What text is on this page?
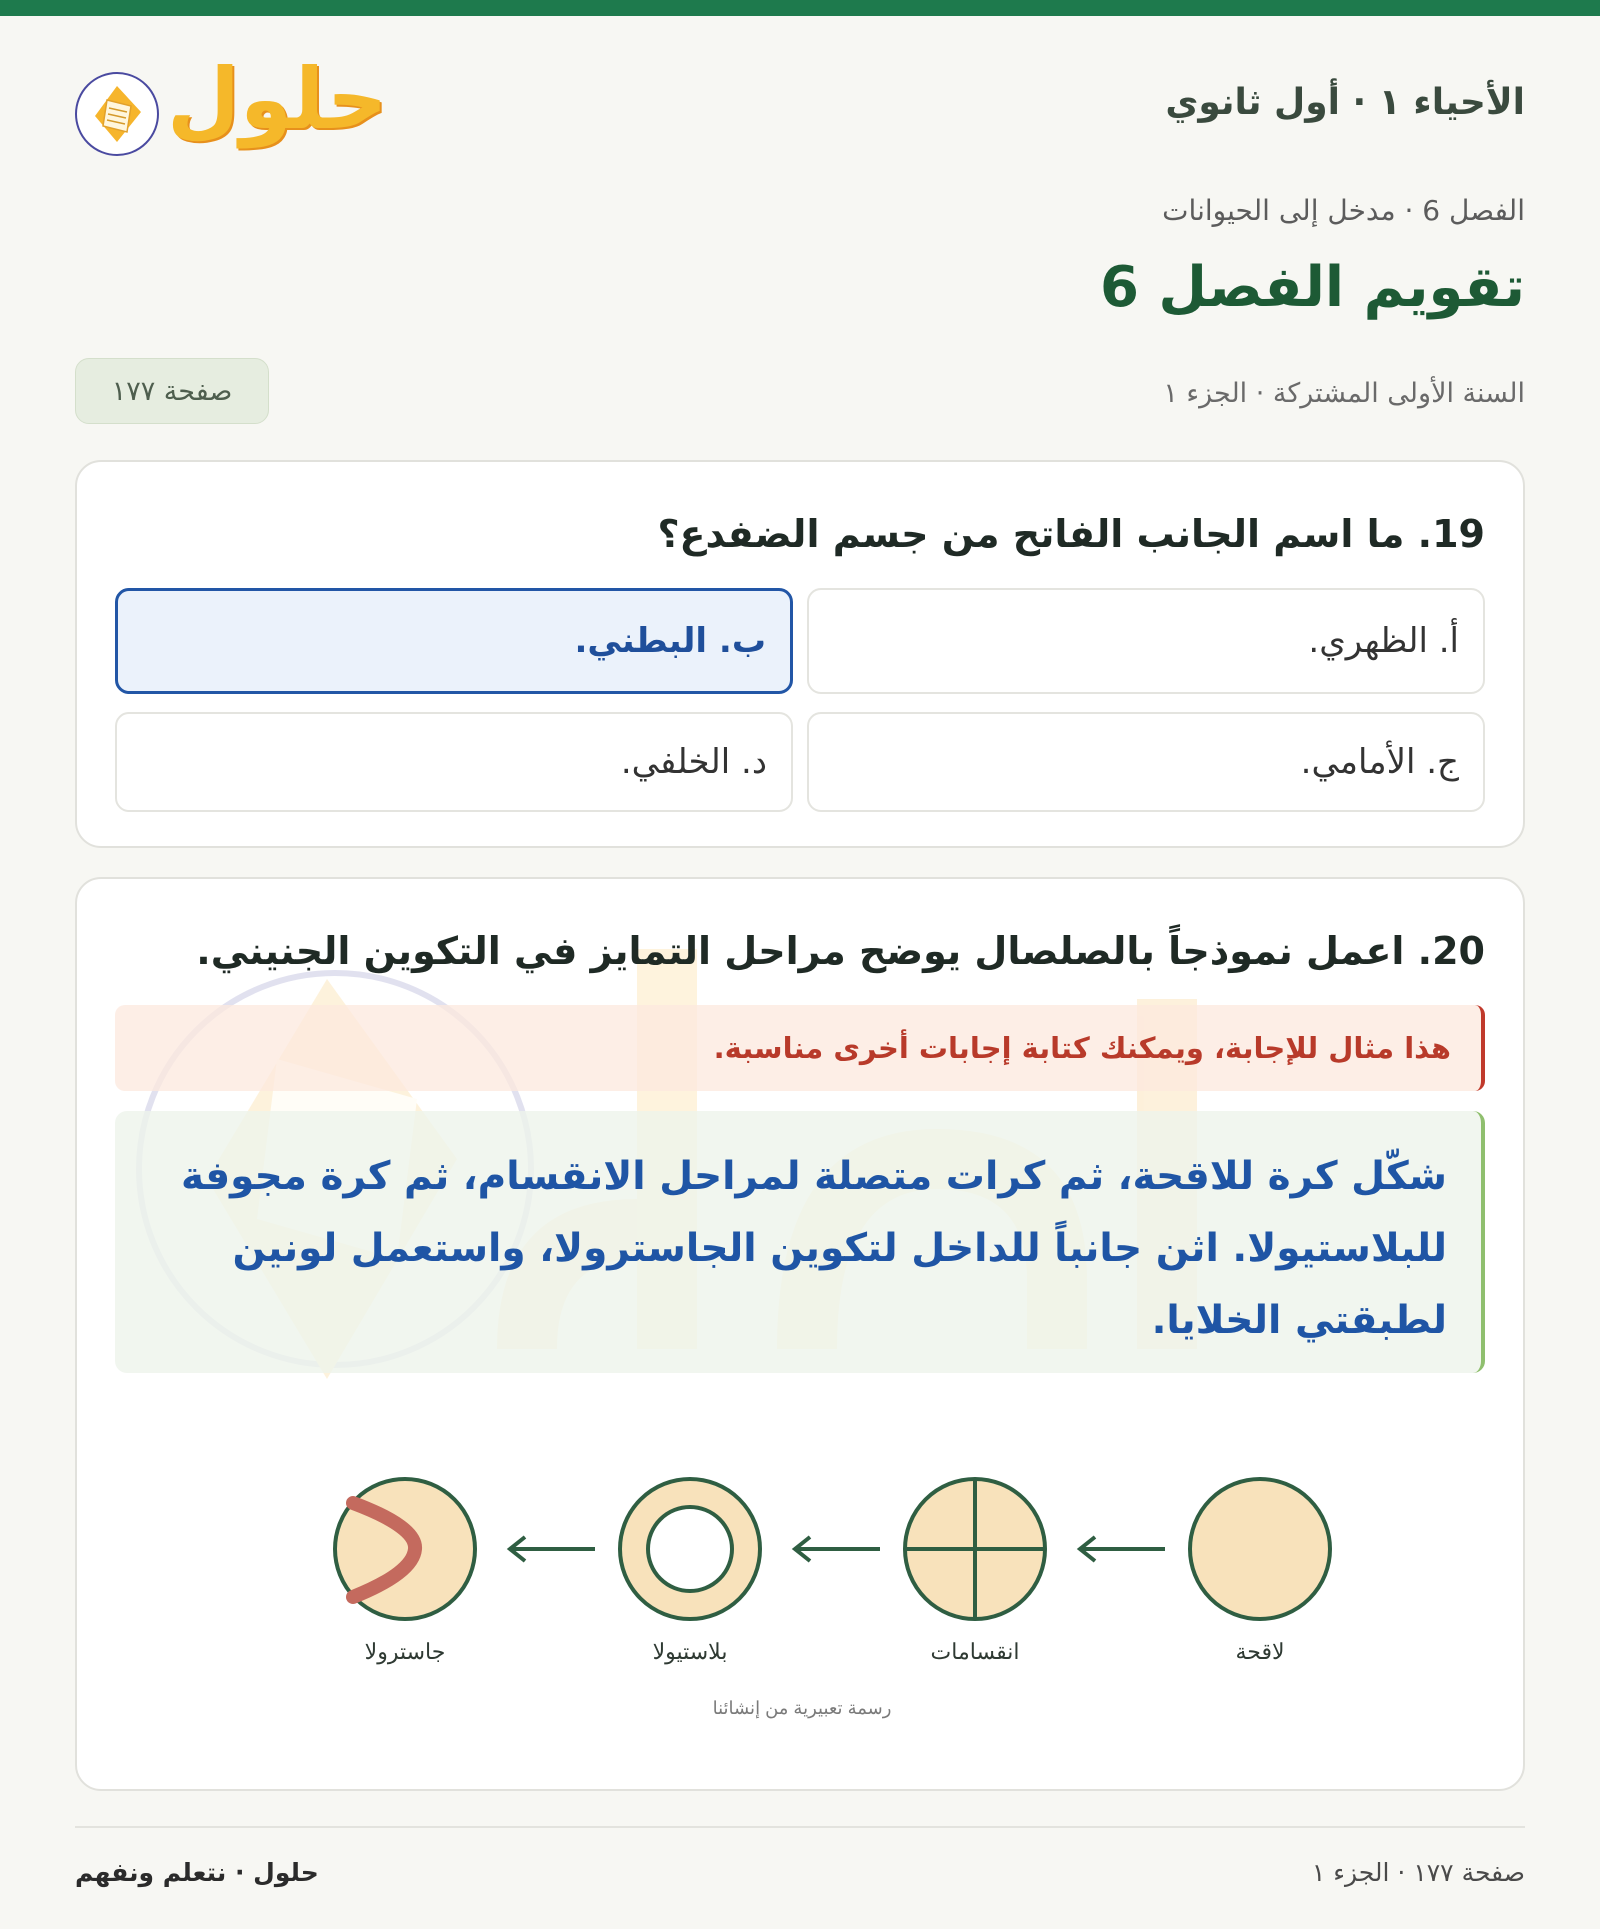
الأحياء ١ · أول ثانوي
حلول
الفصل 6 · مدخل إلى الحيوانات
تقويم الفصل 6
السنة الأولى المشتركة · الجزء ١
صفحة ١٧٧
19. ما اسم الجانب الفاتح من جسم الضفدع؟
أ. الظهري.
ب. البطني.
ج. الأمامي.
د. الخلفي.
20. اعمل نموذجاً بالصلصال يوضح مراحل التمايز في التكوين الجنيني.
هذا مثال للإجابة، ويمكنك كتابة إجابات أخرى مناسبة.
شكّل كرة للاقحة، ثم كرات متصلة لمراحل الانقسام، ثم كرة مجوفة للبلاستيولا. اثن جانباً للداخل لتكوين الجاسترولا، واستعمل لونين لطبقتي الخلايا.
لاقحة
انقسامات
بلاستيولا
جاسترولا
رسمة تعبيرية من إنشائنا
صفحة ١٧٧ · الجزء ١
حلول · نتعلم ونفهم
